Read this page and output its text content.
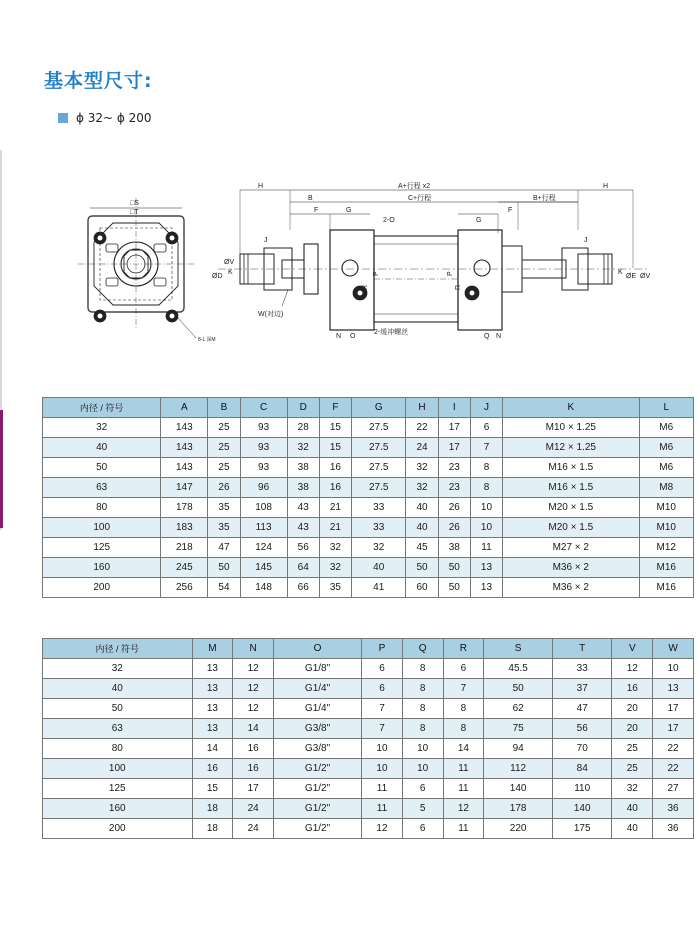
基本型尺寸:
ϕ 32~ ϕ 200
□S
□T
8-L 深M
H
B
A+行程 x2
C+行程	B+行程
H
F	G
2-O	G
F
J
K
ØD
ØV
W(对边)
R
P
N O
2-缓冲螺丝
R
P
Q N
J
K
ØE ØV
内径 / 符号	A	B	C	D	F	G	H	I	J	K	L
32	143	25	93	28	15	27.5	22	17	6	M10 × 1.25	M6
40	143	25	93	32	15	27.5	24	17	7	M12 × 1.25	M6
50	143	25	93	38	16	27.5	32	23	8	M16 × 1.5	M6
63	147	26	96	38	16	27.5	32	23	8	M16 × 1.5	M8
80	178	35	108	43	21	33	40	26	10	M20 × 1.5	M10
100	183	35	113	43	21	33	40	26	10	M20 × 1.5	M10
125	218	47	124	56	32	32	45	38	11	M27 × 2	M12
160	245	50	145	64	32	40	50	50	13	M36 × 2	M16
200	256	54	148	66	35	41	60	50	13	M36 × 2	M16
内径 / 符号	M	N	O	P	Q	R	S	T	V	W
32	13	12	G1/8"	6	8	6	45.5	33	12	10
40	13	12	G1/4"	6	8	7	50	37	16	13
50	13	12	G1/4"	7	8	8	62	47	20	17
63	13	14	G3/8"	7	8	8	75	56	20	17
80	14	16	G3/8"	10	10	14	94	70	25	22
100	16	16	G1/2"	10	10	11	112	84	25	22
125	15	17	G1/2"	11	6	11	140	110	32	27
160	18	24	G1/2"	11	5	12	178	140	40	36
200	18	24	G1/2"	12	6	11	220	175	40	36
